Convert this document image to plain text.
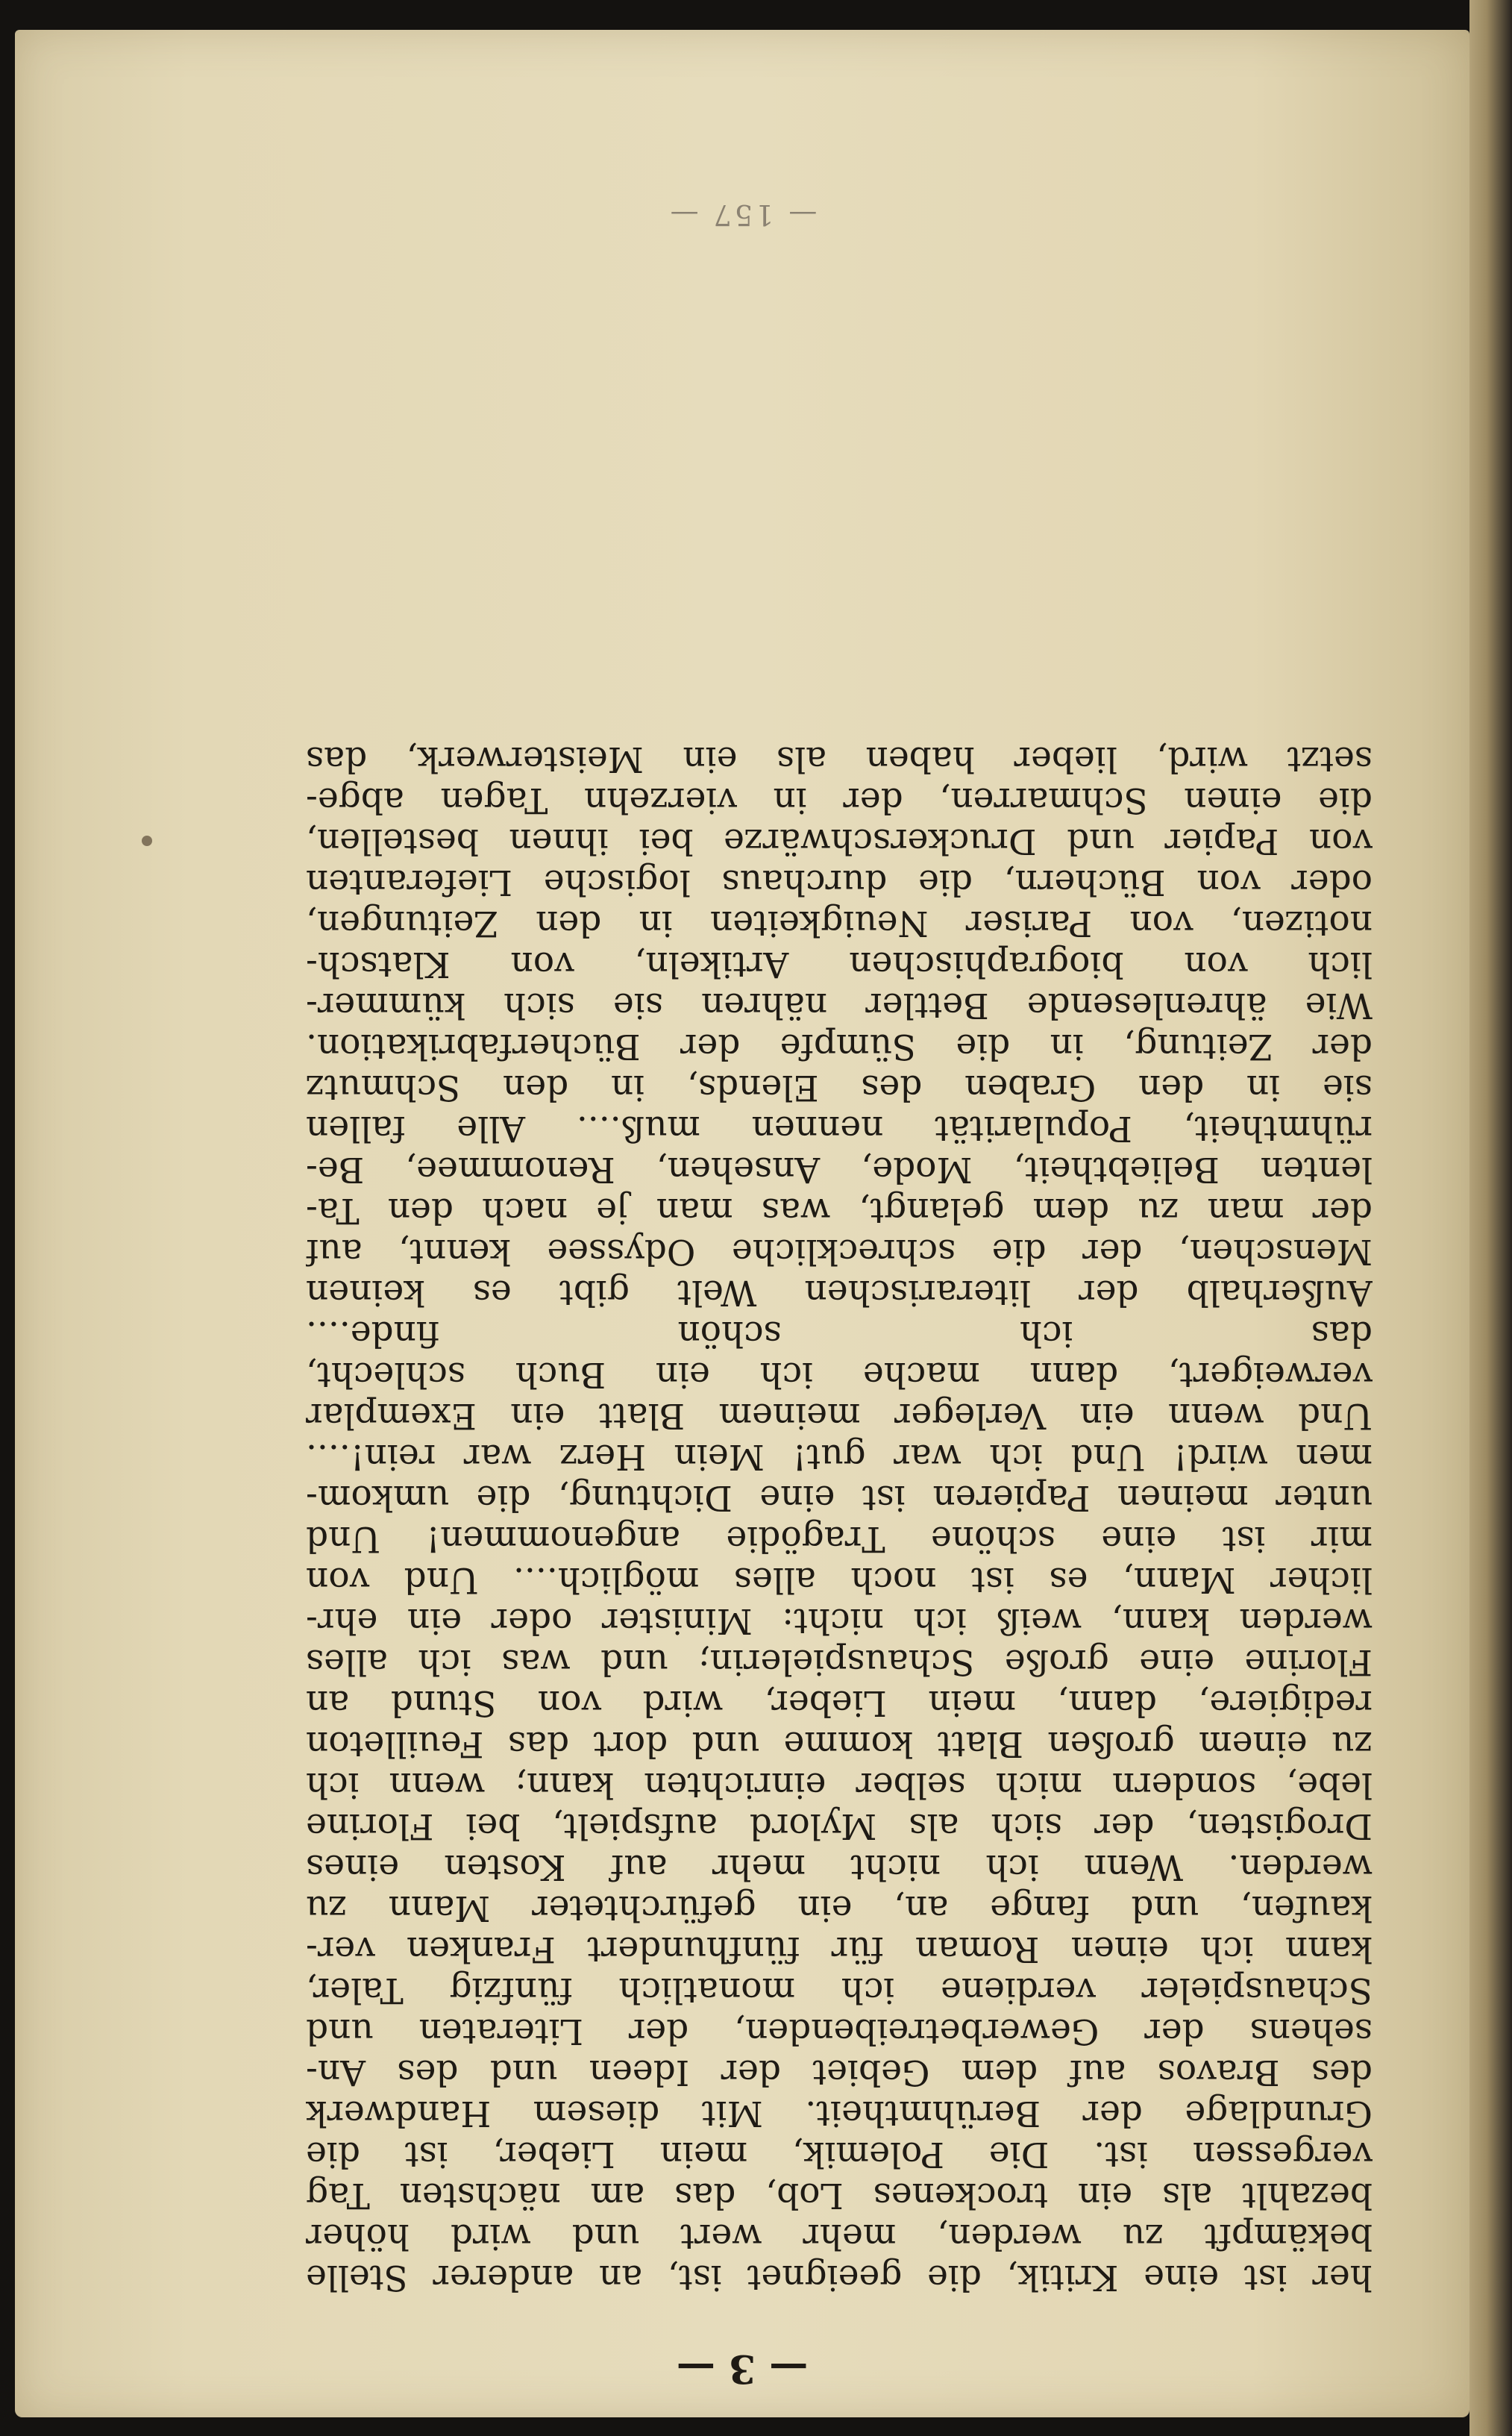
— 3 —
her ist eine Kritik, die geeignet ist, an anderer Stelle
bekämpft zu werden, mehr wert und wird höher
bezahlt als ein trockenes Lob, das am nächsten Tag
vergessen ist. Die Polemik, mein Lieber, ist die
Grundlage der Berühmtheit. Mit diesem Handwerk
des Bravos auf dem Gebiet der Ideen und des An-
sehens der Gewerbetreibenden, der Literaten und
Schauspieler verdiene ich monatlich fünfzig Taler,
kann ich einen Roman für fünfhundert Franken ver-
kaufen, und fange an, ein gefürchteter Mann zu
werden. Wenn ich nicht mehr auf Kosten eines
Drogisten, der sich als Mylord aufspielt, bei Florine
lebe, sondern mich selber einrichten kann; wenn ich
zu einem großen Blatt komme und dort das Feuilleton
redigiere, dann, mein Lieber, wird von Stund an
Florine eine große Schauspielerin; und was ich alles
werden kann, weiß ich nicht: Minister oder ein ehr-
licher Mann, es ist noch alles möglich.... Und von
mir ist eine schöne Tragödie angenommen! Und
unter meinen Papieren ist eine Dichtung, die umkom-
men wird! Und ich war gut! Mein Herz war rein!....
Und wenn ein Verleger meinem Blatt ein Exemplar
verweigert, dann mache ich ein Buch schlecht,
das ich schön finde....
Außerhalb der literarischen Welt gibt es keinen
Menschen, der die schreckliche Odyssee kennt, auf
der man zu dem gelangt, was man je nach den Ta-
lenten Beliebtheit, Mode, Ansehen, Renommee, Be-
rühmtheit, Popularität nennen muß.... Alle fallen
sie in den Graben des Elends, in den Schmutz
der Zeitung, in die Sümpfe der Bücherfabrikation.
Wie ährenlesende Bettler nähren sie sich kümmer-
lich von biographischen Artikeln, von Klatsch-
notizen, von Pariser Neuigkeiten in den Zeitungen,
oder von Büchern, die durchaus logische Lieferanten
von Papier und Druckerschwärze bei ihnen bestellen,
die einen Schmarren, der in vierzehn Tagen abge-
setzt wird, lieber haben als ein Meisterwerk, das
— 157 —
